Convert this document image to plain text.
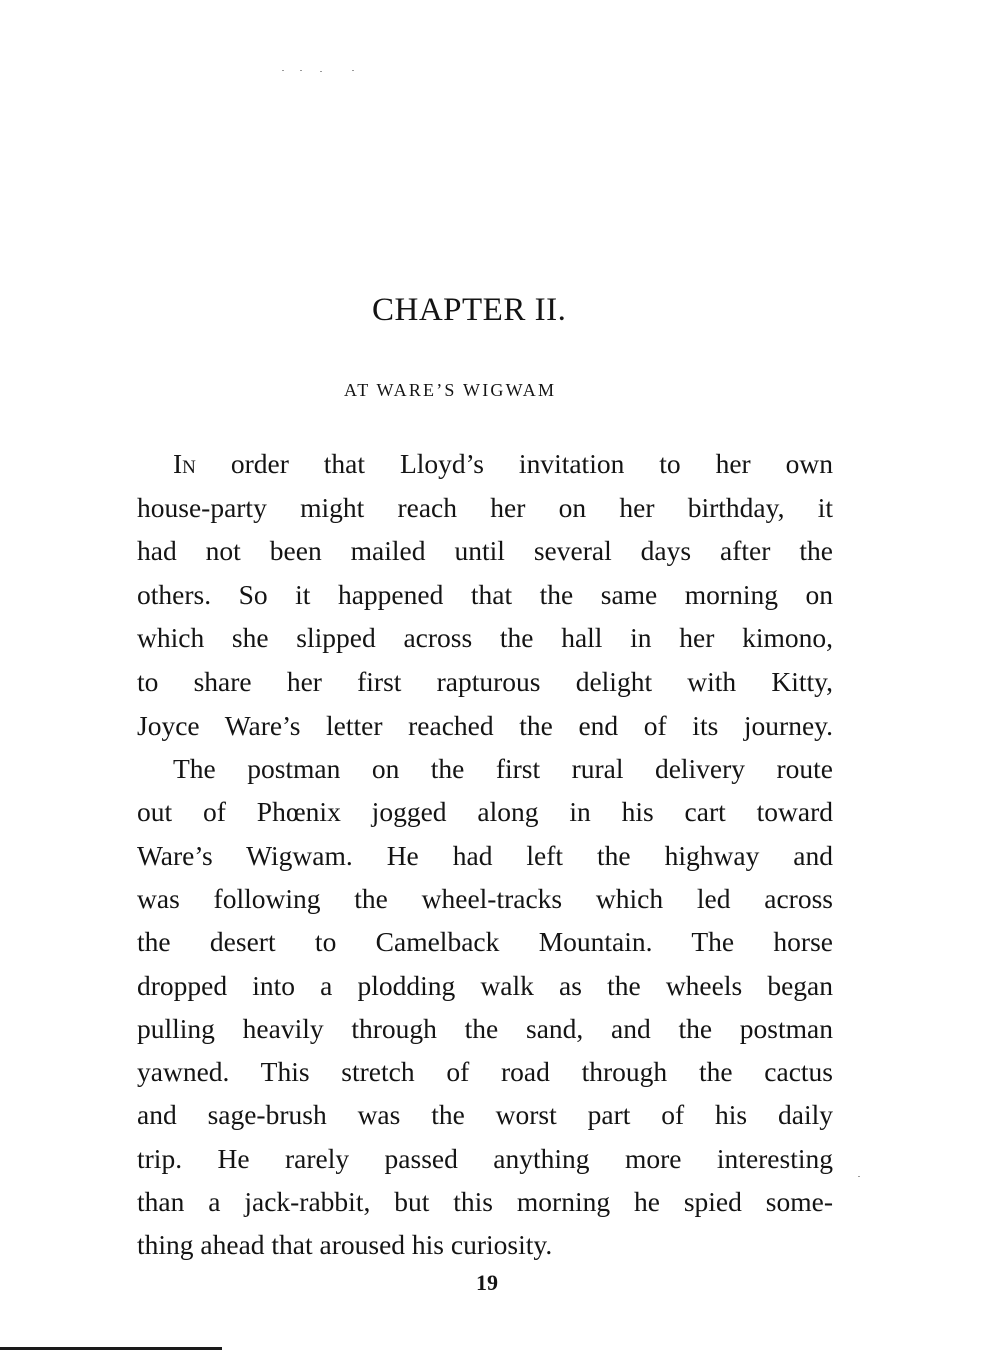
CHAPTER II.
AT WARE’S WIGWAM
In order that Lloyd’s invitation to her own
house-party might reach her on her birthday, it
had not been mailed until several days after the
others. So it happened that the same morning on
which she slipped across the hall in her kimono,
to share her first rapturous delight with Kitty,
Joyce Ware’s letter reached the end of its journey.
The postman on the first rural delivery route
out of Phœnix jogged along in his cart toward
Ware’s Wigwam. He had left the highway and
was following the wheel-tracks which led across
the desert to Camelback Mountain. The horse
dropped into a plodding walk as the wheels began
pulling heavily through the sand, and the postman
yawned. This stretch of road through the cactus
and sage-brush was the worst part of his daily
trip. He rarely passed anything more interesting
than a jack-rabbit, but this morning he spied some-
thing ahead that aroused his curiosity.
19
